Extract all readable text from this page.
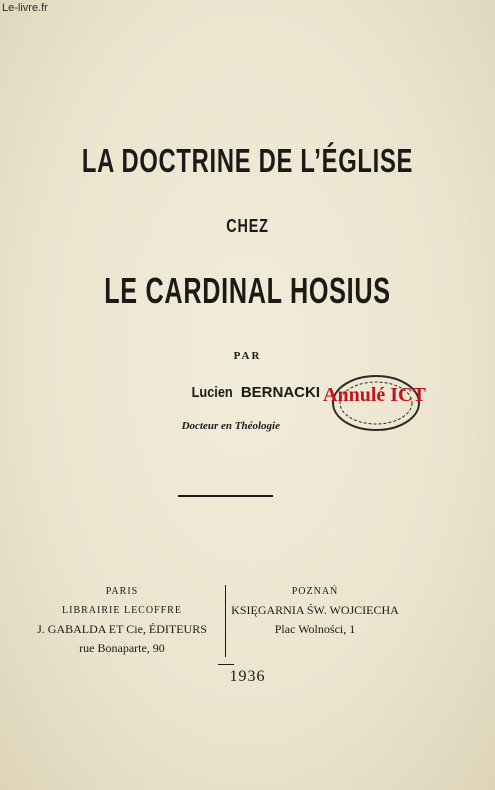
Le-livre.fr
LA DOCTRINE DE L’ÉGLISE
CHEZ
LE CARDINAL HOSIUS
PAR
Lucien BERNACKI
Docteur en Théologie
Annulé ICT
PARIS
LIBRAIRIE LECOFFRE
J. GABALDA ET Cie, ÉDITEURS
rue Bonaparte, 90
POZNAŃ
KSIĘGARNIA ŚW. WOJCIECHA
Plac Wolności, 1
1936
